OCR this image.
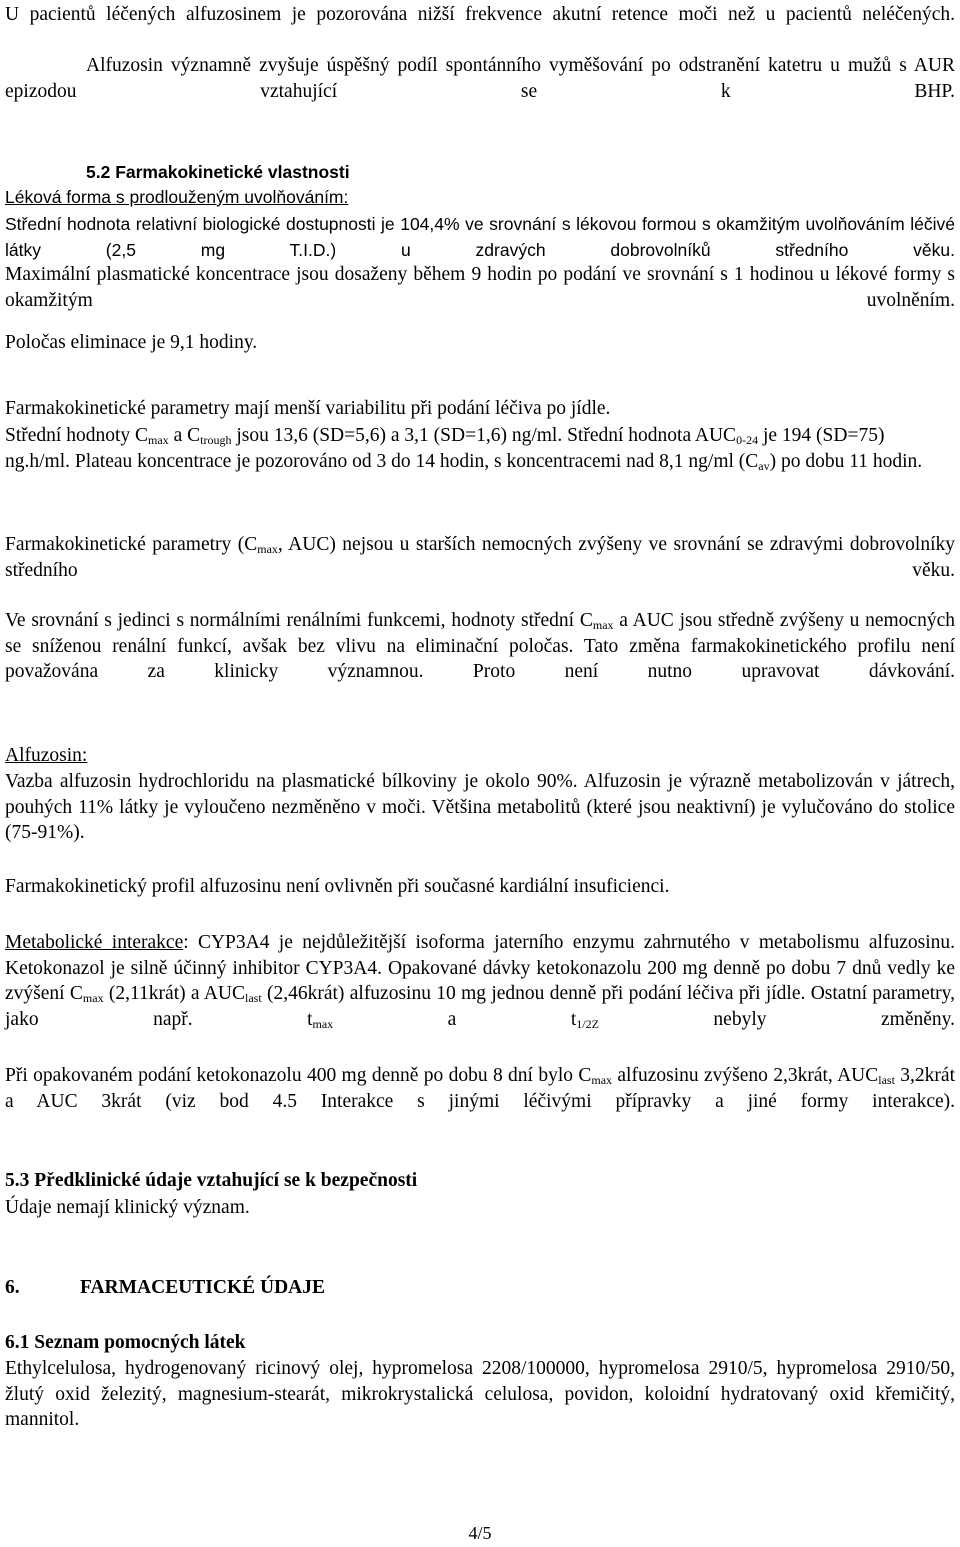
U pacientů léčených alfuzosinem je pozorována nižší frekvence akutní retence moči než u pacientů neléčených.

Alfuzosin významně zvyšuje úspěšný podíl spontánního vyměšování po odstranění katetru u mužů s AUR epizodou vztahující se k BHP.

5.2 Farmakokinetické vlastnosti

Léková forma s prodlouženým uvolňováním:

Střední hodnota relativní biologické dostupnosti je 104,4% ve srovnání s lékovou formou s okamžitým uvolňováním léčivé látky (2,5 mg T.I.D.) u zdravých dobrovolníků středního věku.

Maximální plasmatické koncentrace jsou dosaženy během 9 hodin po podání ve srovnání s 1 hodinou u lékové formy s okamžitým uvolněním.

Poločas eliminace je 9,1 hodiny.

Farmakokinetické parametry mají menší variabilitu při podání léčiva po jídle.

Střední hodnoty $C_{max}$ a $C_{trough}$ jsou 13,6 (SD=5,6) a 3,1 (SD=1,6) ng/ml. Střední hodnota $AUC_{0-24}$ je 194 (SD=75) ng.h/ml. Plateau koncentrace je pozorováno od 3 do 14 hodin, s koncentracemi nad 8,1 ng/ml $(C_{av})$ po dobu 11 hodin.

Farmakokinetické parametry ($C_{max}$, AUC) nejsou u starších nemocných zvýšeny ve srovnání se zdravými dobrovolníky středního věku.

Ve srovnání s jedinci s normálními renálními funkcemi, hodnoty střední $C_{max}$ a AUC jsou středně zvýšeny u nemocných se sníženou renální funkcí, avšak bez vlivu na eliminační poločas. Tato změna farmakokinetického profilu není považována za klinicky významnou. Proto není nutno upravovat dávkování.

Alfuzosin:

Vazba alfuzosin hydrochloridu na plasmatické bílkoviny je okolo 90%. Alfuzosin je výrazně metabolizován v játrech, pouhých 11% látky je vyloučeno nezměněno v moči. Většina metabolitů (které jsou neaktivní) je vylučováno do stolice (75-91%).

Farmakokinetický profil alfuzosinu není ovlivněn při současné kardiální insuficienci.

Metabolické interakce: CYP3A4 je nejdůležitější isoforma jaterního enzymu zahrnutého v metabolismu alfuzosinu. Ketokonazol je silně účinný inhibitor CYP3A4. Opakované dávky ketokonazolu 200 mg denně po dobu 7 dnů vedly ke zvýšení $C_{max}$ (2,11krát) a $AUC_{last}$ (2,46krát) alfuzosinu 10 mg jednou denně při podání léčiva při jídle. Ostatní parametry, jako např. $t_{max}$ a $t_{1/2Z}$ nebyly změněny.

Při opakovaném podání ketokonazolu 400 mg denně po dobu 8 dní bylo $C_{max}$ alfuzosinu zvýšeno 2,3krát, $AUC_{last}$ 3,2krát a AUC 3krát (viz bod 4.5 Interakce s jinými léčivými přípravky a jiné formy interakce).

5.3 Předklinické údaje vztahující se k bezpečnosti

Údaje nemají klinický význam.

6.	FARMACEUTICKÉ ÚDAJE

6.1 Seznam pomocných látek

Ethylcelulosa, hydrogenovaný ricinový olej, hypromelosa 2208/100000, hypromelosa 2910/5, hypromelosa 2910/50, žlutý oxid železitý, magnesium-stearát, mikrokrystalická celulosa, povidon, koloidní hydratovaný oxid křemičitý, mannitol.

4/5
